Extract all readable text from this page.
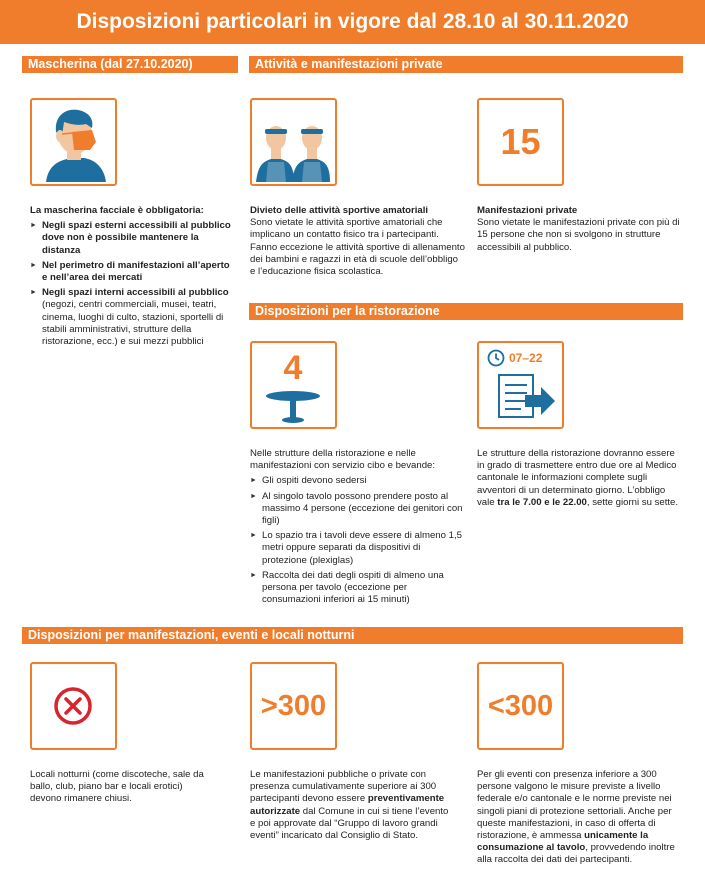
Disposizioni particolari in vigore dal 28.10 al 30.11.2020
Mascherina (dal 27.10.2020)	Attività e manifestazioni private
Disposizioni per la ristorazione
Disposizioni per manifestazioni, eventi e locali notturni
15
La mascherina facciale è obbligatoria:
► Negli spazi esterni accessibili al pubblico dove non è possibile mantenere la distanza
► Nel perimetro di manifestazioni all’aperto e nell’area dei mercati
► Negli spazi interni accessibili al pubblico (negozi, centri commerciali, musei, teatri, cinema, luoghi di culto, stazioni, sportelli di stabili amministrativi, strutture della ristorazione, ecc.) e sui mezzi pubblici
Divieto delle attività sportive amatoriali
Sono vietate le attività sportive amatoriali che implicano un contatto fisico tra i partecipanti. Fanno eccezione le attività sportive di allenamento dei bambini e ragazzi in età di scuole dell’obbligo e l’educazione fisica scolastica.
Manifestazioni private
Sono vietate le manifestazioni private con più di 15 persone che non si svolgono in strutture accessibili al pubblico.
4	07–22
Nelle strutture della ristorazione e nelle manifestazioni con servizio cibo e bevande:
► Gli ospiti devono sedersi
► Al singolo tavolo possono prendere posto al massimo 4 persone (eccezione dei genitori con figli)
► Lo spazio tra i tavoli deve essere di almeno 1,5 metri oppure separati da dispositivi di protezione (plexiglas)
► Raccolta dei dati degli ospiti di almeno una persona per tavolo (eccezione per consumazioni inferiori ai 15 minuti)
Le strutture della ristorazione dovranno essere in grado di trasmettere entro due ore al Medico cantonale le informazioni complete sugli avventori di un determinato giorno. L’obbligo vale tra le 7.00 e le 22.00, sette giorni su sette.
>300	<300
Locali notturni (come discoteche, sale da ballo, club, piano bar e locali erotici) devono rimanere chiusi.
Le manifestazioni pubbliche o private con presenza cumulativamente superiore ai 300 partecipanti devono essere preventivamente autorizzate dal Comune in cui si tiene l’evento e poi approvate dal “Gruppo di lavoro grandi eventi” incaricato dal Consiglio di Stato.
Per gli eventi con presenza inferiore a 300 persone valgono le misure previste a livello federale e/o cantonale e le norme previste nei singoli piani di protezione settoriali. Anche per queste manifestazioni, in caso di offerta di ristorazione, è ammessa unicamente la consumazione al tavolo, provvedendo inoltre alla raccolta dei dati dei partecipanti.
